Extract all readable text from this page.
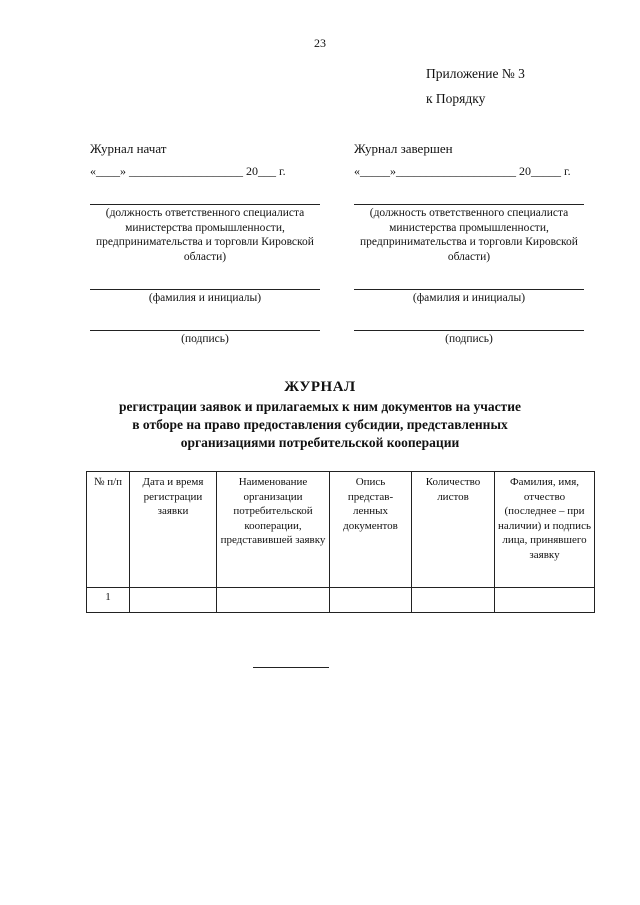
23
Приложение № 3
к Порядку
Журнал начат
«____» ___________________ 20___ г.
(должность ответственного специалиста министерства промышленности, предпринимательства и торговли Кировской области)
(фамилия и инициалы)
(подпись)
Журнал завершен
«_____»____________________ 20_____ г.
(должность ответственного специалиста министерства промышленности, предпринимательства и торговли Кировской области)
(фамилия и инициалы)
(подпись)
ЖУРНАЛ
регистрации заявок и прилагаемых к ним документов на участие
в отборе на право предоставления субсидии, представленных
организациями потребительской кооперации
№ п/п	Дата и время регистрации заявки	Наименование организации потребительской кооперации, представившей заявку	Опись представ-ленных документов	Количество листов	Фамилия, имя, отчество (последнее – при наличии) и подпись лица, принявшего заявку
1					
